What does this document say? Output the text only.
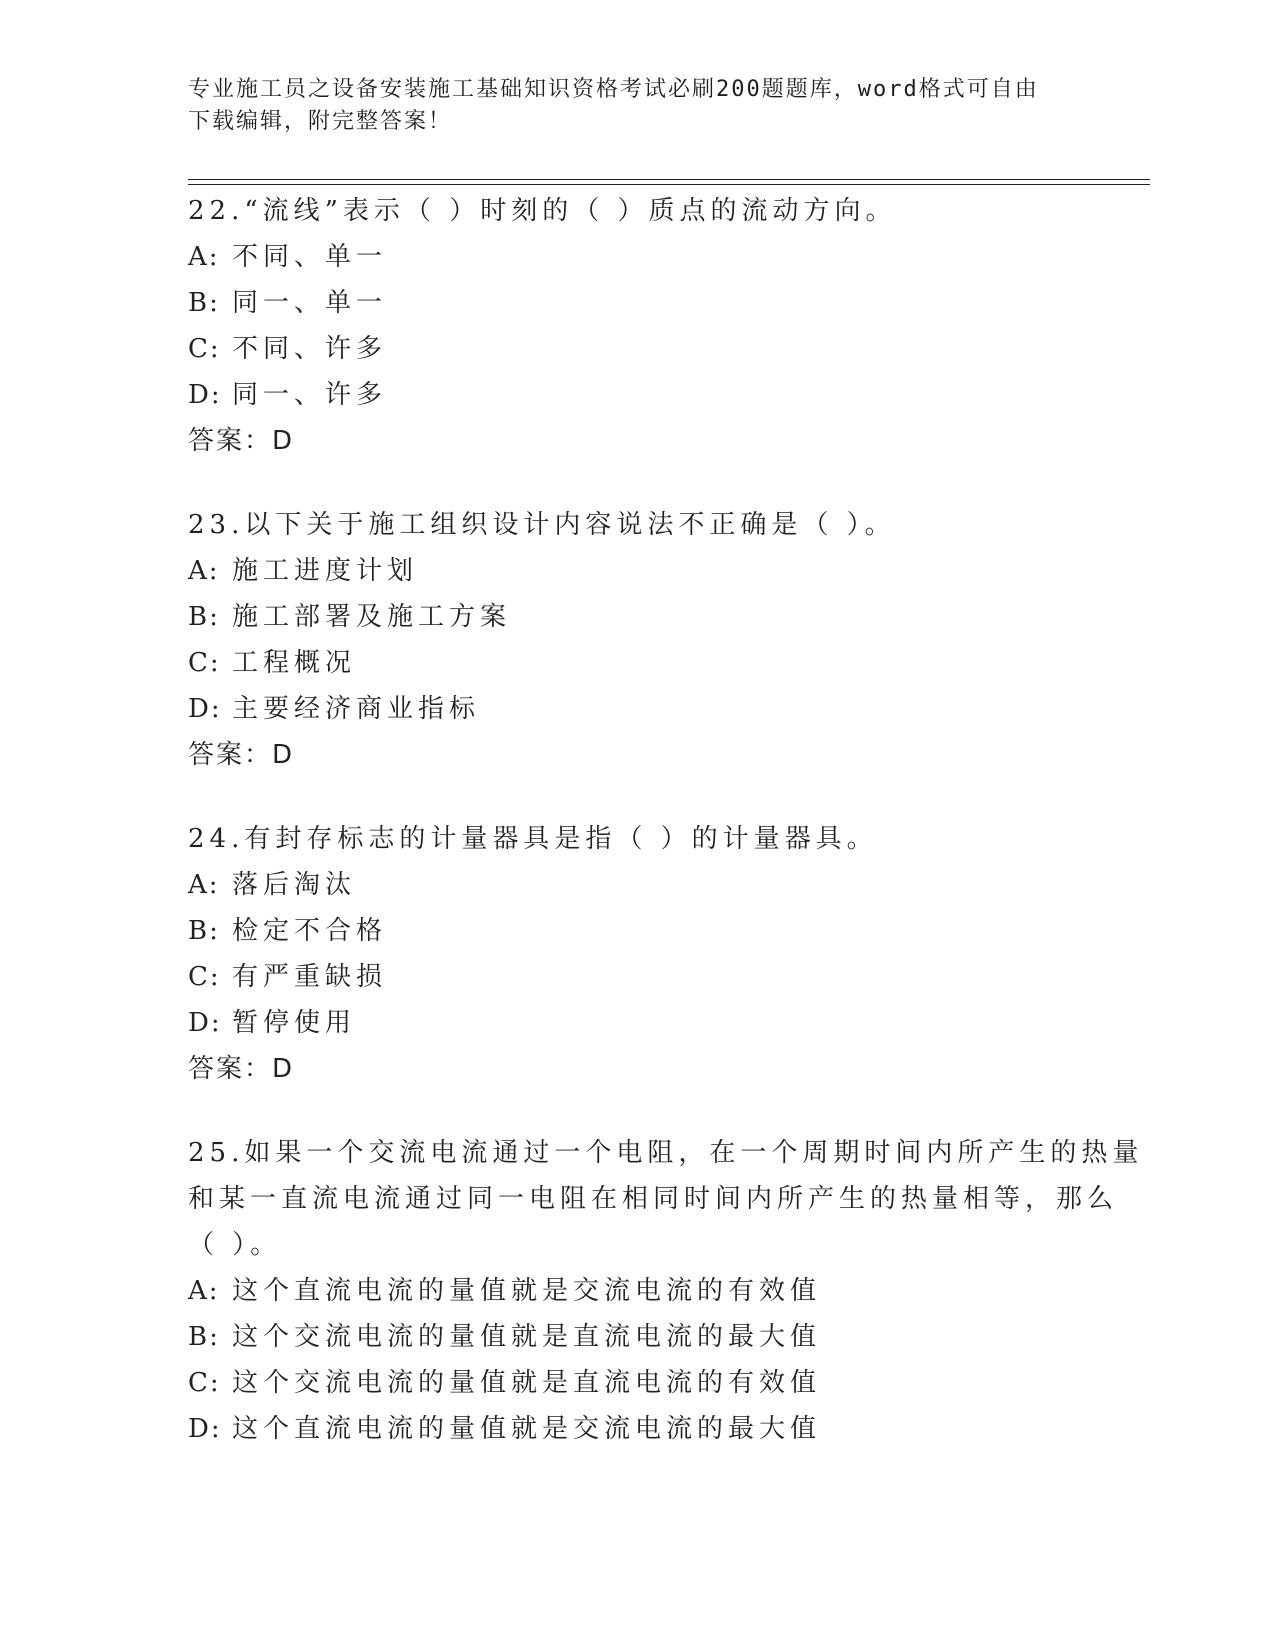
专业施工员之设备安装施工基础知识资格考试必刷200题题库，word格式可自由
下载编辑，附完整答案！
22.“流线”表示（ ）时刻的（ ）质点的流动方向。
A: 不同、单一
B: 同一、单一
C: 不同、许多
D: 同一、许多
答案：D
23.以下关于施工组织设计内容说法不正确是（ ）。
A: 施工进度计划
B: 施工部署及施工方案
C: 工程概况
D: 主要经济商业指标
答案：D
24.有封存标志的计量器具是指（ ）的计量器具。
A: 落后淘汰
B: 检定不合格
C: 有严重缺损
D: 暂停使用
答案：D
25.如果一个交流电流通过一个电阻，在一个周期时间内所产生的热量
和某一直流电流通过同一电阻在相同时间内所产生的热量相等，那么
（ ）。
A: 这个直流电流的量值就是交流电流的有效值
B: 这个交流电流的量值就是直流电流的最大值
C: 这个交流电流的量值就是直流电流的有效值
D: 这个直流电流的量值就是交流电流的最大值
